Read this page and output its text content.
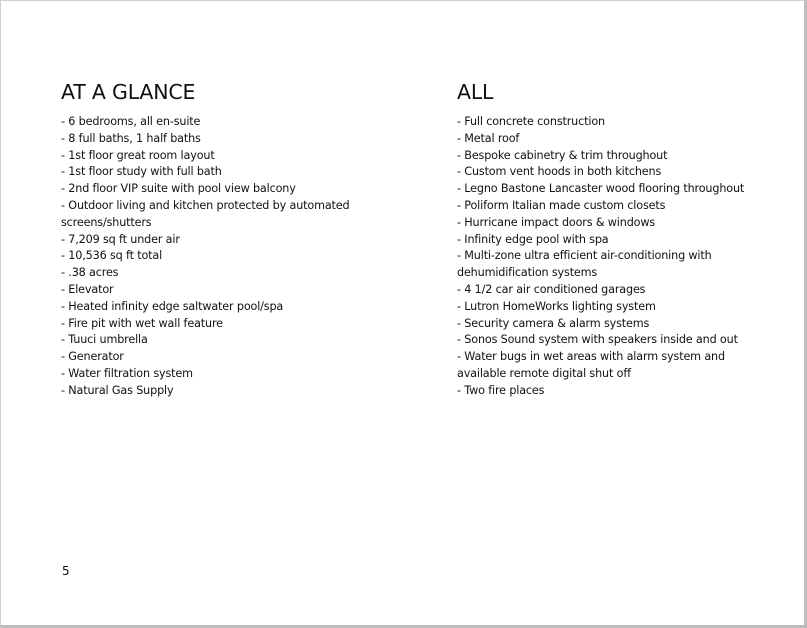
AT A GLANCE
- 6 bedrooms, all en-suite
- 8 full baths, 1 half baths
- 1st floor great room layout
- 1st floor study with full bath
- 2nd floor VIP suite with pool view balcony
- Outdoor living and kitchen protected by automated
screens/shutters
- 7,209 sq ft under air
- 10,536 sq ft total
- .38 acres
- Elevator
- Heated infinity edge saltwater pool/spa
- Fire pit with wet wall feature
- Tuuci umbrella
- Generator
- Water filtration system
- Natural Gas Supply
ALL
- Full concrete construction
- Metal roof
- Bespoke cabinetry & trim throughout
- Custom vent hoods in both kitchens
- Legno Bastone Lancaster wood flooring throughout
- Poliform Italian made custom closets
- Hurricane impact doors & windows
- Infinity edge pool with spa
- Multi-zone ultra efficient air-conditioning with
dehumidification systems
- 4 1/2 car air conditioned garages
- Lutron HomeWorks lighting system
- Security camera & alarm systems
- Sonos Sound system with speakers inside and out
- Water bugs in wet areas with alarm system and
available remote digital shut off
- Two fire places
5
